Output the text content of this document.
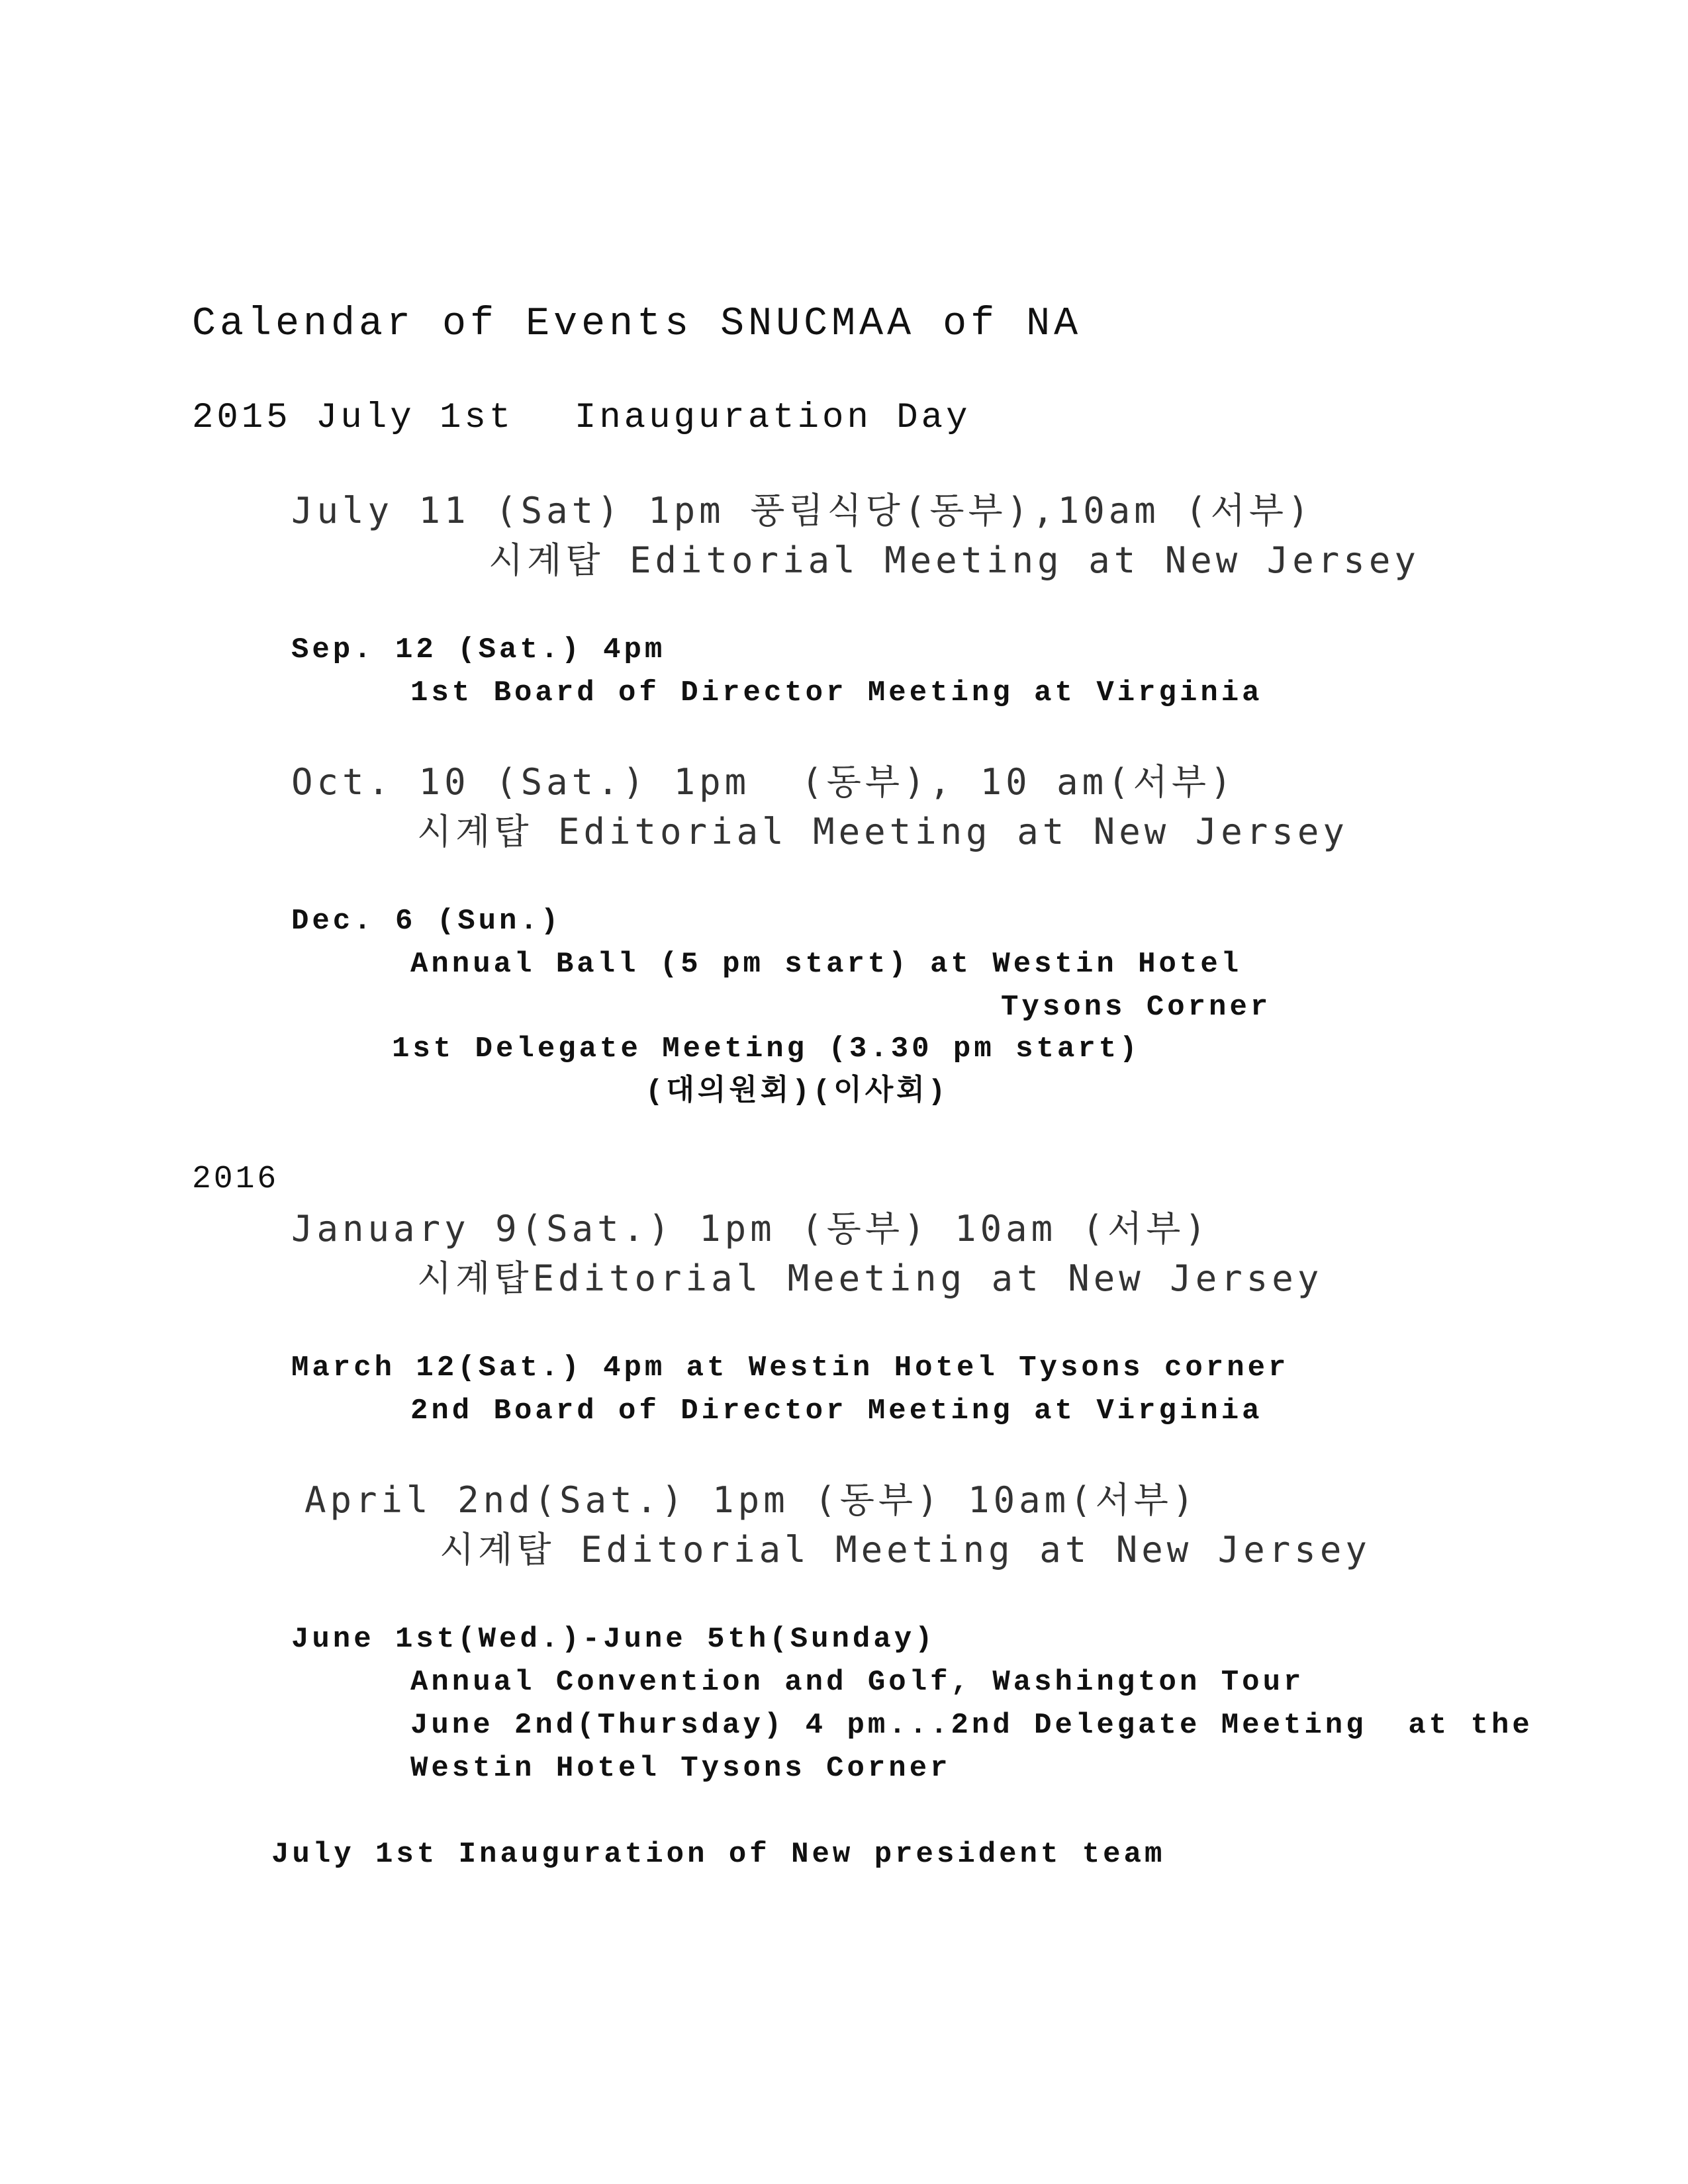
Calendar of Events SNUCMAA of NA
2015 July 1st Inauguration Day
July 11 (Sat) 1pm 풍림식당(동부),10am (서부)
시계탑 Editorial Meeting at New Jersey
Sep. 12 (Sat.) 4pm
1st Board of Director Meeting at Virginia
Oct. 10 (Sat.) 1pm  (동부), 10 am(서부)
시계탑 Editorial Meeting at New Jersey
Dec. 6 (Sun.)
Annual Ball (5 pm start) at Westin Hotel
Tysons Corner
1st Delegate Meeting (3.30 pm start)
(대의원회)(이사회)
2016
January 9(Sat.) 1pm (동부) 10am (서부)
시계탑Editorial Meeting at New Jersey
March 12(Sat.) 4pm at Westin Hotel Tysons corner
2nd Board of Director Meeting at Virginia
April 2nd(Sat.) 1pm (동부) 10am(서부)
시계탑 Editorial Meeting at New Jersey
June 1st(Wed.)-June 5th(Sunday)
Annual Convention and Golf, Washington Tour
June 2nd(Thursday) 4 pm...2nd Delegate Meeting  at the
Westin Hotel Tysons Corner
July 1st Inauguration of New president team
